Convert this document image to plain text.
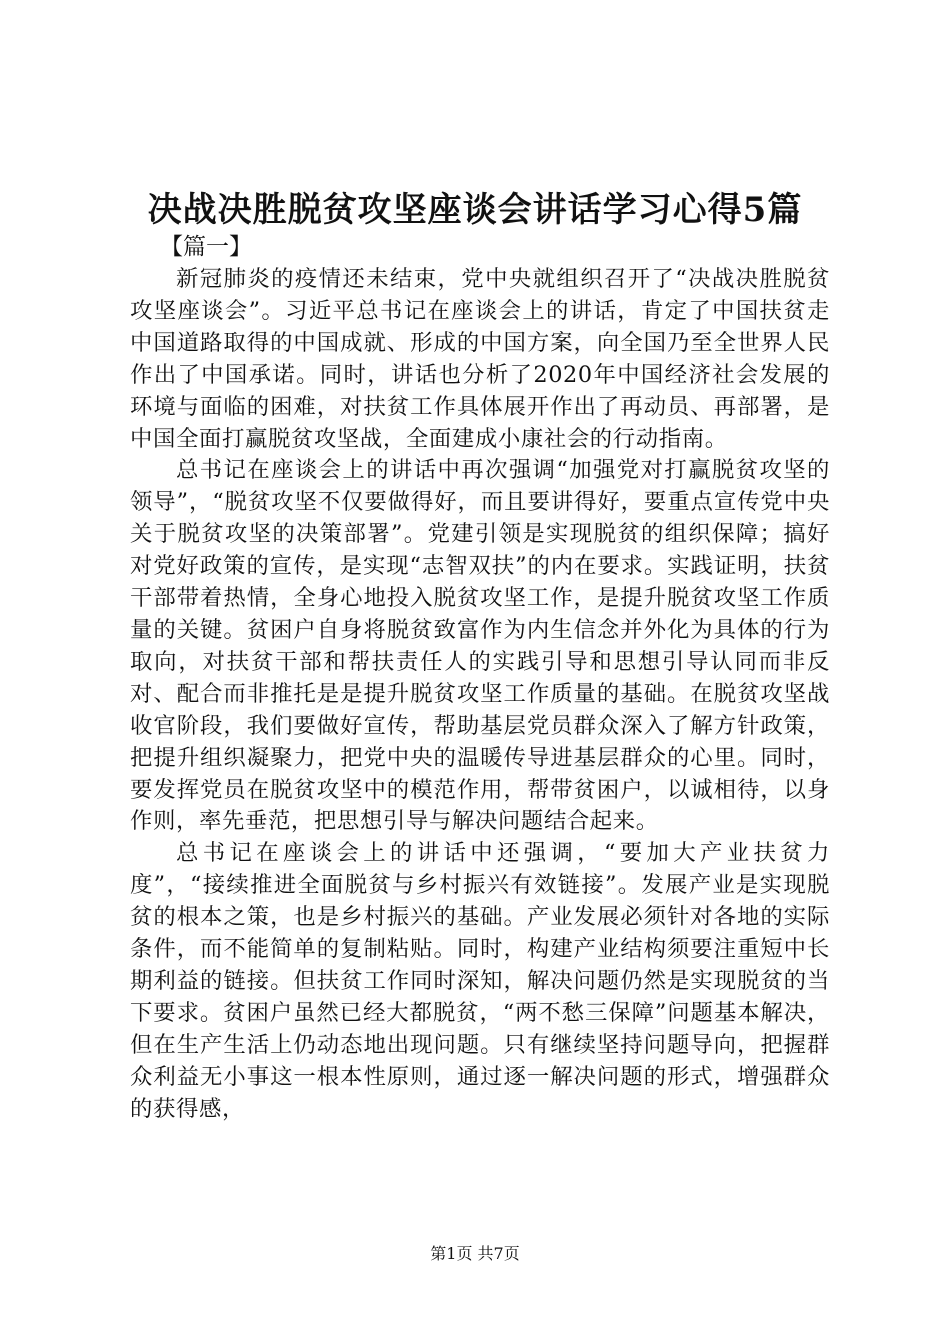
决战决胜脱贫攻坚座谈会讲话学习心得5篇

【篇一】

新冠肺炎的疫情还未结束，党中央就组织召开了“决战决胜脱贫攻坚座谈会”。习近平总书记在座谈会上的讲话，肯定了中国扶贫走中国道路取得的中国成就、形成的中国方案，向全国乃至全世界人民作出了中国承诺。同时，讲话也分析了2020年中国经济社会发展的环境与面临的困难，对扶贫工作具体展开作出了再动员、再部署，是中国全面打赢脱贫攻坚战，全面建成小康社会的行动指南。

总书记在座谈会上的讲话中再次强调“加强党对打赢脱贫攻坚的领导”，“脱贫攻坚不仅要做得好，而且要讲得好，要重点宣传党中央关于脱贫攻坚的决策部署”。党建引领是实现脱贫的组织保障；搞好对党好政策的宣传，是实现“志智双扶”的内在要求。实践证明，扶贫干部带着热情，全身心地投入脱贫攻坚工作，是提升脱贫攻坚工作质量的关键。贫困户自身将脱贫致富作为内生信念并外化为具体的行为取向，对扶贫干部和帮扶责任人的实践引导和思想引导认同而非反对、配合而非推托是是提升脱贫攻坚工作质量的基础。在脱贫攻坚战收官阶段，我们要做好宣传，帮助基层党员群众深入了解方针政策，把提升组织凝聚力，把党中央的温暖传导进基层群众的心里。同时，要发挥党员在脱贫攻坚中的模范作用，帮带贫困户，以诚相待，以身作则，率先垂范，把思想引导与解决问题结合起来。

总书记在座谈会上的讲话中还强调，“要加大产业扶贫力度”，“接续推进全面脱贫与乡村振兴有效链接”。发展产业是实现脱贫的根本之策，也是乡村振兴的基础。产业发展必须针对各地的实际条件，而不能简单的复制粘贴。同时，构建产业结构须要注重短中长期利益的链接。但扶贫工作同时深知，解决问题仍然是实现脱贫的当下要求。贫困户虽然已经大都脱贫，“两不愁三保障”问题基本解决，但在生产生活上仍动态地出现问题。只有继续坚持问题导向，把握群众利益无小事这一根本性原则，通过逐一解决问题的形式，增强群众的获得感，

第1页 共7页
